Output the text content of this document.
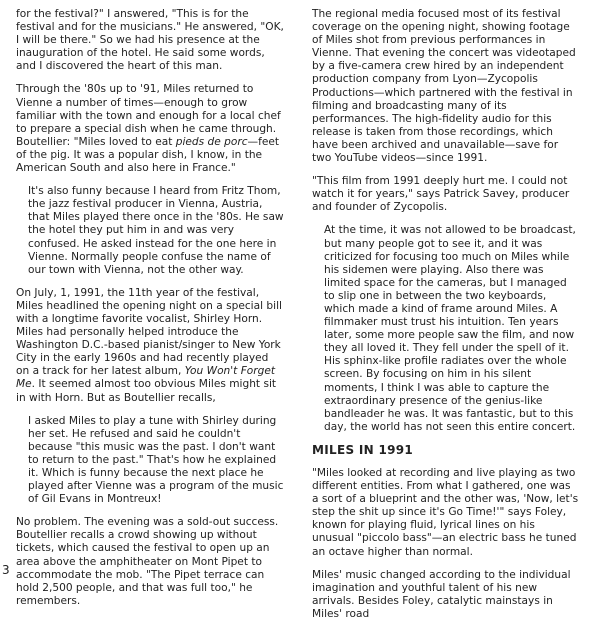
for the festival?" I answered, "This is for the festival and for the musicians." He answered, "OK, I will be there." So we had his presence at the inauguration of the hotel. He said some words, and I discovered the heart of this man.

Through the '80s up to '91, Miles returned to Vienne a number of times—enough to grow familiar with the town and enough for a local chef to prepare a special dish when he came through. Boutellier: "Miles loved to eat pieds de porc—feet of the pig. It was a popular dish, I know, in the American South and also here in France."

It's also funny because I heard from Fritz Thom, the jazz festival producer in Vienna, Austria, that Miles played there once in the '80s. He saw the hotel they put him in and was very confused. He asked instead for the one here in Vienne. Normally people confuse the name of our town with Vienna, not the other way.

On July, 1, 1991, the 11th year of the festival, Miles headlined the opening night on a special bill with a longtime favorite vocalist, Shirley Horn. Miles had personally helped introduce the Washington D.C.-based pianist/singer to New York City in the early 1960s and had recently played on a track for her latest album, You Won't Forget Me. It seemed almost too obvious Miles might sit in with Horn. But as Boutellier recalls,

I asked Miles to play a tune with Shirley during her set. He refused and said he couldn't because "this music was the past. I don't want to return to the past." That's how he explained it. Which is funny because the next place he played after Vienne was a program of the music of Gil Evans in Montreux!

No problem. The evening was a sold-out success. Boutellier recalls a crowd showing up without tickets, which caused the festival to open up an area above the amphitheater on Mont Pipet to accommodate the mob. "The Pipet terrace can hold 2,500 people, and that was full too," he remembers.

The regional media focused most of its festival coverage on the opening night, showing footage of Miles shot from previous performances in Vienne. That evening the concert was videotaped by a five-camera crew hired by an independent production company from Lyon—Zycopolis Productions—which partnered with the festival in filming and broadcasting many of its performances. The high-fidelity audio for this release is taken from those recordings, which have been archived and unavailable—save for two YouTube videos—since 1991.

"This film from 1991 deeply hurt me. I could not watch it for years," says Patrick Savey, producer and founder of Zycopolis.

At the time, it was not allowed to be broadcast, but many people got to see it, and it was criticized for focusing too much on Miles while his sidemen were playing. Also there was limited space for the cameras, but I managed to slip one in between the two keyboards, which made a kind of frame around Miles. A filmmaker must trust his intuition. Ten years later, some more people saw the film, and now they all loved it. They fell under the spell of it. His sphinx-like profile radiates over the whole screen. By focusing on him in his silent moments, I think I was able to capture the extraordinary presence of the genius-like bandleader he was. It was fantastic, but to this day, the world has not seen this entire concert.

MILES IN 1991

"Miles looked at recording and live playing as two different entities. From what I gathered, one was a sort of a blueprint and the other was, 'Now, let's step the shit up since it's Go Time!'" says Foley, known for playing fluid, lyrical lines on his unusual "piccolo bass"—an electric bass he tuned an octave higher than normal.

Miles' music changed according to the individual imagination and youthful talent of his new arrivals. Besides Foley, catalytic mainstays in Miles' road

3
